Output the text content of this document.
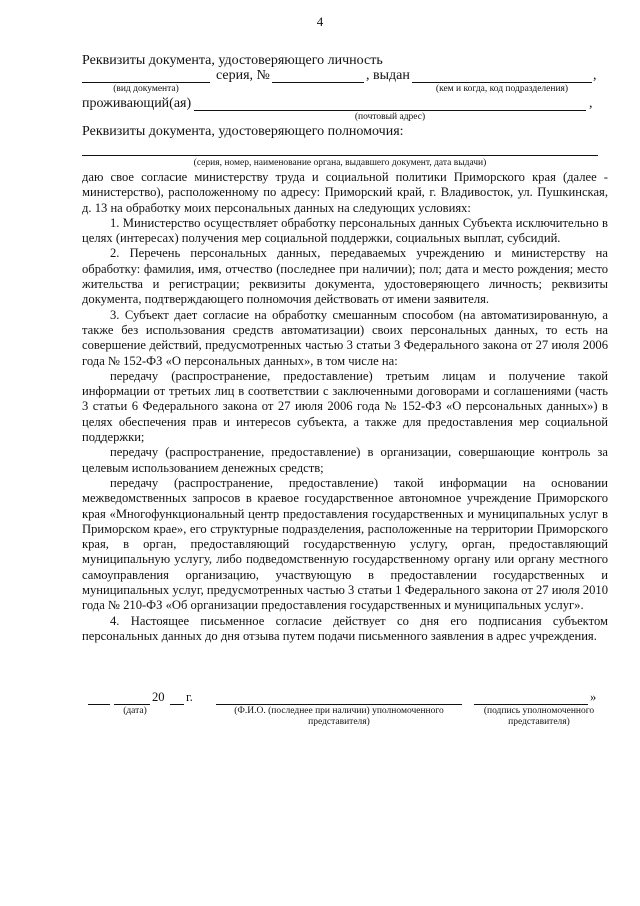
4
Реквизиты документа, удостоверяющего личность
серия, №	, выдан	,
(вид документа)	(кем и когда, код подразделения)
проживающий(ая)	,
(почтовый адрес)
Реквизиты документа, удостоверяющего полномочия:
(серия, номер, наименование органа, выдавшего документ, дата выдачи)

даю свое согласие министерству труда и социальной политики Приморского края (далее - министерство), расположенному по адресу: Приморский край, г. Владивосток, ул. Пушкинская, д. 13 на обработку моих персональных данных на следующих условиях:

1. Министерство осуществляет обработку персональных данных Субъекта исключительно в целях (интересах) получения мер социальной поддержки, социальных выплат, субсидий.

2. Перечень персональных данных, передаваемых учреждению и министерству на обработку: фамилия, имя, отчество (последнее при наличии); пол; дата и место рождения; место жительства и регистрации; реквизиты документа, удостоверяющего личность; реквизиты документа, подтверждающего полномочия действовать от имени заявителя.

3. Субъект дает согласие на обработку смешанным способом (на автоматизированную, а также без использования средств автоматизации) своих персональных данных, то есть на совершение действий, предусмотренных частью 3 статьи 3 Федерального закона от 27 июля 2006 года № 152-ФЗ «О персональных данных», в том числе на:

передачу (распространение, предоставление) третьим лицам и получение такой информации от третьих лиц в соответствии с заключенными договорами и соглашениями (часть 3 статьи 6 Федерального закона от 27 июля 2006 года № 152-ФЗ «О персональных данных») в целях обеспечения прав и интересов субъекта, а также для предоставления мер социальной поддержки;

передачу (распространение, предоставление) в организации, совершающие контроль за целевым использованием денежных средств;

передачу (распространение, предоставление) такой информации на основании межведомственных запросов в краевое государственное автономное учреждение Приморского края «Многофункциональный центр предоставления государственных и муниципальных услуг в Приморском крае», его структурные подразделения, расположенные на территории Приморского края, в орган, предоставляющий государственную услугу, орган, предоставляющий муниципальную услугу, либо подведомственную государственному органу или органу местного самоуправления организацию, участвующую в предоставлении государственных и муниципальных услуг, предусмотренных частью 3 статьи 1 Федерального закона от 27 июля 2010 года № 210-ФЗ «Об организации предоставления государственных и муниципальных услуг».

4. Настоящее письменное согласие действует со дня его подписания субъектом персональных данных до дня отзыва путем подачи письменного заявления в адрес учреждения.

20 г.	»
(дата)	(Ф.И.О. (последнее при наличии) уполномоченного
представителя)
(подпись уполномоченного
представителя)
